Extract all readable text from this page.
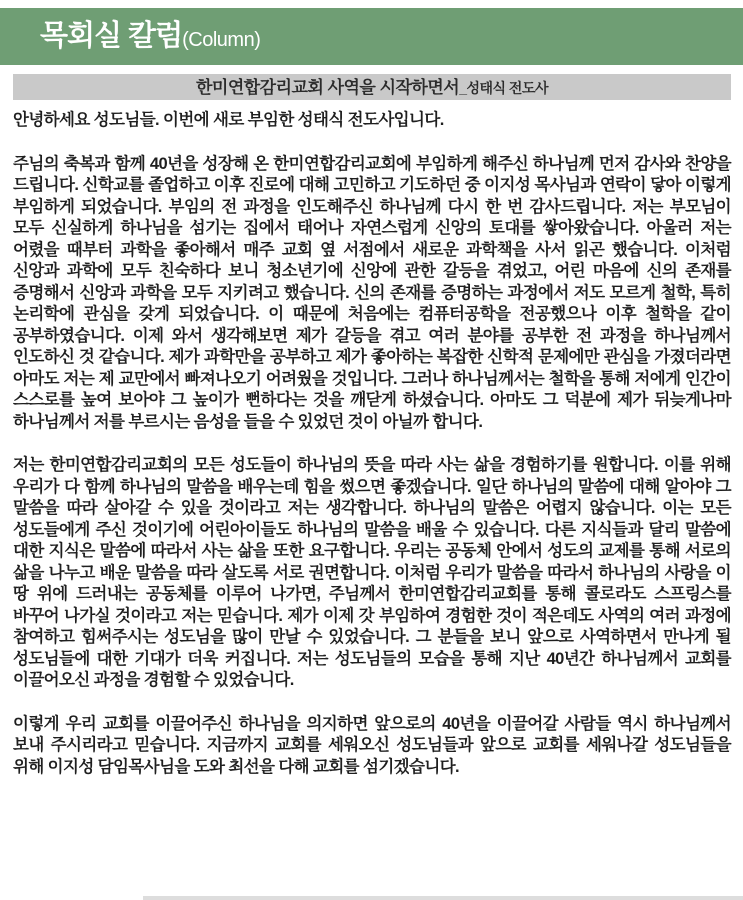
목회실 칼럼 (Column)
한미연합감리교회 사역을 시작하면서 _성태식 전도사

안녕하세요 성도님들. 이번에 새로 부임한 성태식 전도사입니다.

주님의 축복과 함께 40년을 성장해 온 한미연합감리교회에 부임하게 해주신 하나님께 먼저 감사와 찬양을 드립니다. 신학교를 졸업하고 이후 진로에 대해 고민하고 기도하던 중 이지성 목사님과 연락이 닿아 이렇게 부임하게 되었습니다. 부임의 전 과정을 인도해주신 하나님께 다시 한 번 감사드립니다. 저는 부모님이 모두 신실하게 하나님을 섬기는 집에서 태어나 자연스럽게 신앙의 토대를 쌓아왔습니다. 아울러 저는 어렸을 때부터 과학을 좋아해서 매주 교회 옆 서점에서 새로운 과학책을 사서 읽곤 했습니다. 이처럼 신앙과 과학에 모두 친숙하다 보니 청소년기에 신앙에 관한 갈등을 겪었고, 어린 마음에 신의 존재를 증명해서 신앙과 과학을 모두 지키려고 했습니다. 신의 존재를 증명하는 과정에서 저도 모르게 철학, 특히 논리학에 관심을 갖게 되었습니다. 이 때문에 처음에는 컴퓨터공학을 전공했으나 이후 철학을 같이 공부하였습니다. 이제 와서 생각해보면 제가 갈등을 겪고 여러 분야를 공부한 전 과정을 하나님께서 인도하신 것 같습니다. 제가 과학만을 공부하고 제가 좋아하는 복잡한 신학적 문제에만 관심을 가졌더라면 아마도 저는 제 교만에서 빠져나오기 어려웠을 것입니다. 그러나 하나님께서는 철학을 통해 저에게 인간이 스스로를 높여 보아야 그 높이가 뻔하다는 것을 깨닫게 하셨습니다. 아마도 그 덕분에 제가 뒤늦게나마 하나님께서 저를 부르시는 음성을 들을 수 있었던 것이 아닐까 합니다.

저는 한미연합감리교회의 모든 성도들이 하나님의 뜻을 따라 사는 삶을 경험하기를 원합니다. 이를 위해 우리가 다 함께 하나님의 말씀을 배우는데 힘을 썼으면 좋겠습니다. 일단 하나님의 말씀에 대해 알아야 그 말씀을 따라 살아갈 수 있을 것이라고 저는 생각합니다. 하나님의 말씀은 어렵지 않습니다. 이는 모든 성도들에게 주신 것이기에 어린아이들도 하나님의 말씀을 배울 수 있습니다. 다른 지식들과 달리 말씀에 대한 지식은 말씀에 따라서 사는 삶을 또한 요구합니다. 우리는 공동체 안에서 성도의 교제를 통해 서로의 삶을 나누고 배운 말씀을 따라 살도록 서로 권면합니다. 이처럼 우리가 말씀을 따라서 하나님의 사랑을 이 땅 위에 드러내는 공동체를 이루어 나가면, 주님께서 한미연합감리교회를 통해 콜로라도 스프링스를 바꾸어 나가실 것이라고 저는 믿습니다. 제가 이제 갓 부임하여 경험한 것이 적은데도 사역의 여러 과정에 참여하고 힘써주시는 성도님을 많이 만날 수 있었습니다. 그 분들을 보니 앞으로 사역하면서 만나게 될 성도님들에 대한 기대가 더욱 커집니다. 저는 성도님들의 모습을 통해 지난 40년간 하나님께서 교회를 이끌어오신 과정을 경험할 수 있었습니다.

이렇게 우리 교회를 이끌어주신 하나님을 의지하면 앞으로의 40년을 이끌어갈 사람들 역시 하나님께서 보내 주시리라고 믿습니다. 지금까지 교회를 세워오신 성도님들과 앞으로 교회를 세워나갈 성도님들을 위해 이지성 담임목사님을 도와 최선을 다해 교회를 섬기겠습니다.
